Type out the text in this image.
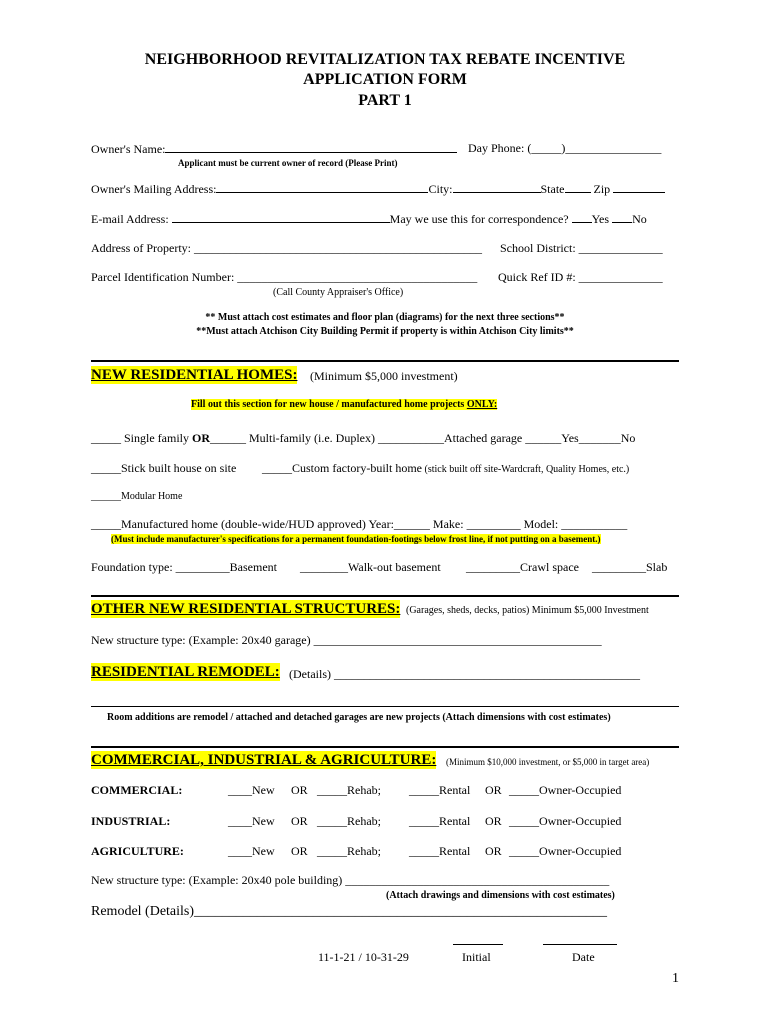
NEIGHBORHOOD REVITALIZATION TAX REBATE INCENTIVE
APPLICATION FORM
PART 1
Owner's Name:	Day Phone: (_____)________________
Applicant must be current owner of record (Please Print)
Owner's Mailing Address:	City:	State Zip
E-mail Address:	May we use this for correspondence? Yes No
Address of Property: ________________________________________________ School District: ______________
Parcel Identification Number: ________________________________________ Quick Ref ID #: ______________
(Call County Appraiser's Office)
** Must attach cost estimates and floor plan (diagrams) for the next three sections**
**Must attach Atchison City Building Permit if property is within Atchison City limits**
NEW RESIDENTIAL HOMES: (Minimum $5,000 investment)
Fill out this section for new house / manufactured home projects ONLY:
_____ Single family OR______ Multi-family (i.e. Duplex) ___________Attached garage ______Yes_______No
_____Stick built house on site _____Custom factory-built home (stick built off site-Wardcraft, Quality Homes, etc.)
______Modular Home
_____Manufactured home (double-wide/HUD approved) Year:______ Make: _________ Model: ___________
(Must include manufacturer's specifications for a permanent foundation-footings below frost line, if not putting on a basement.)
Foundation type: _________Basement ________Walk-out basement _________Crawl space _________Slab
OTHER NEW RESIDENTIAL STRUCTURES: (Garages, sheds, decks, patios) Minimum $5,000 Investment
New structure type: (Example: 20x40 garage) ________________________________________________
RESIDENTIAL REMODEL: (Details) ___________________________________________________
Room additions are remodel / attached and detached garages are new projects (Attach dimensions with cost estimates)
COMMERCIAL, INDUSTRIAL & AGRICULTURE: (Minimum $10,000 investment, or $5,000 in target area)
COMMERCIAL:	____New OR _____Rehab; _____Rental OR _____Owner-Occupied
INDUSTRIAL:	____New OR _____Rehab; _____Rental OR _____Owner-Occupied
AGRICULTURE:	____New OR _____Rehab; _____Rental OR _____Owner-Occupied
New structure type: (Example: 20x40 pole building) ____________________________________________
(Attach drawings and dimensions with cost estimates)
Remodel (Details)___________________________________________________________
11-1-21 / 10-31-29	Initial	Date
1
